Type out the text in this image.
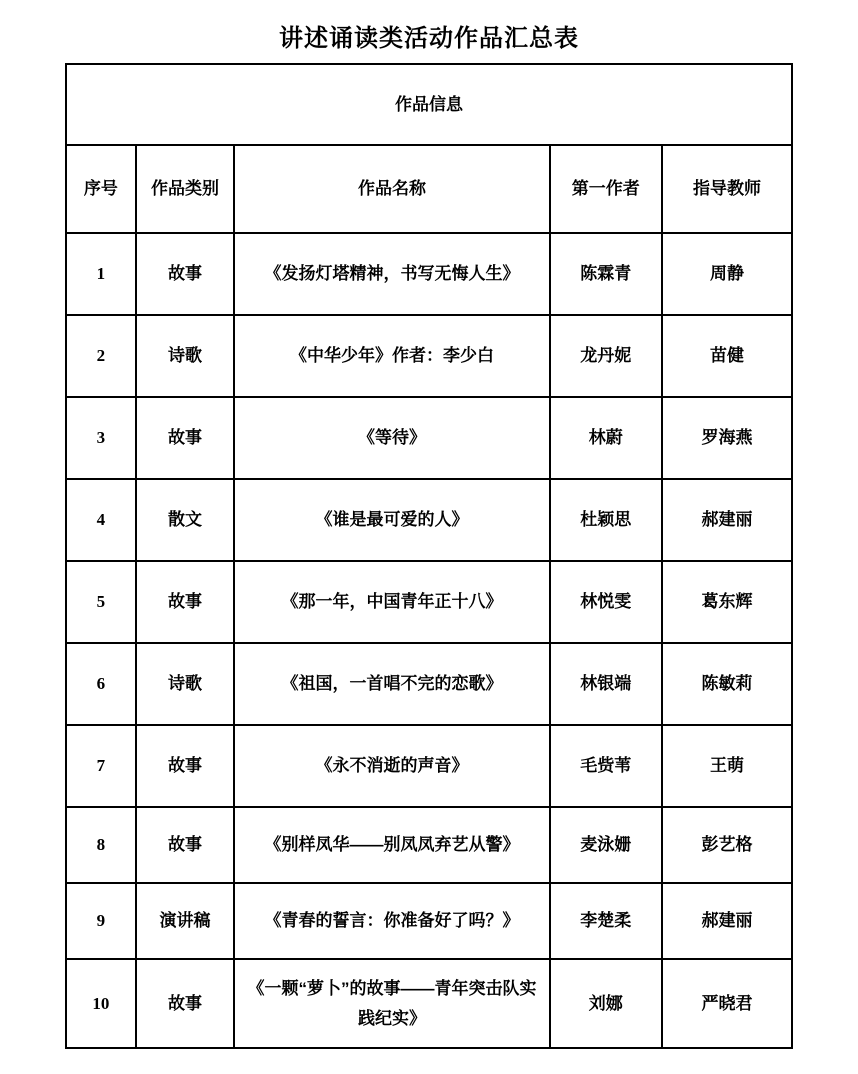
讲述诵读类活动作品汇总表
作品信息				
序号	作品类别	作品名称	第一作者	指导教师
1	故事	《发扬灯塔精神，书写无悔人生》	陈霖青	周静
2	诗歌	《中华少年》作者：李少白	龙丹妮	苗健
3	故事	《等待》	林蔚	罗海燕
4	散文	《谁是最可爱的人》	杜颖思	郝建丽
5	故事	《那一年，中国青年正十八》	林悦雯	葛东辉
6	诗歌	《祖国，一首唱不完的恋歌》	林银端	陈敏莉
7	故事	《永不消逝的声音》	毛赀苇	王萌
8	故事	《别样凤华——别凤凤弃艺从警》	麦泳姗	彭艺格
9	演讲稿	《青春的誓言：你准备好了吗？》	李楚柔	郝建丽
10	故事	《一颗“萝卜”的故事——青年突击队实践纪实》	刘娜	严晓君
